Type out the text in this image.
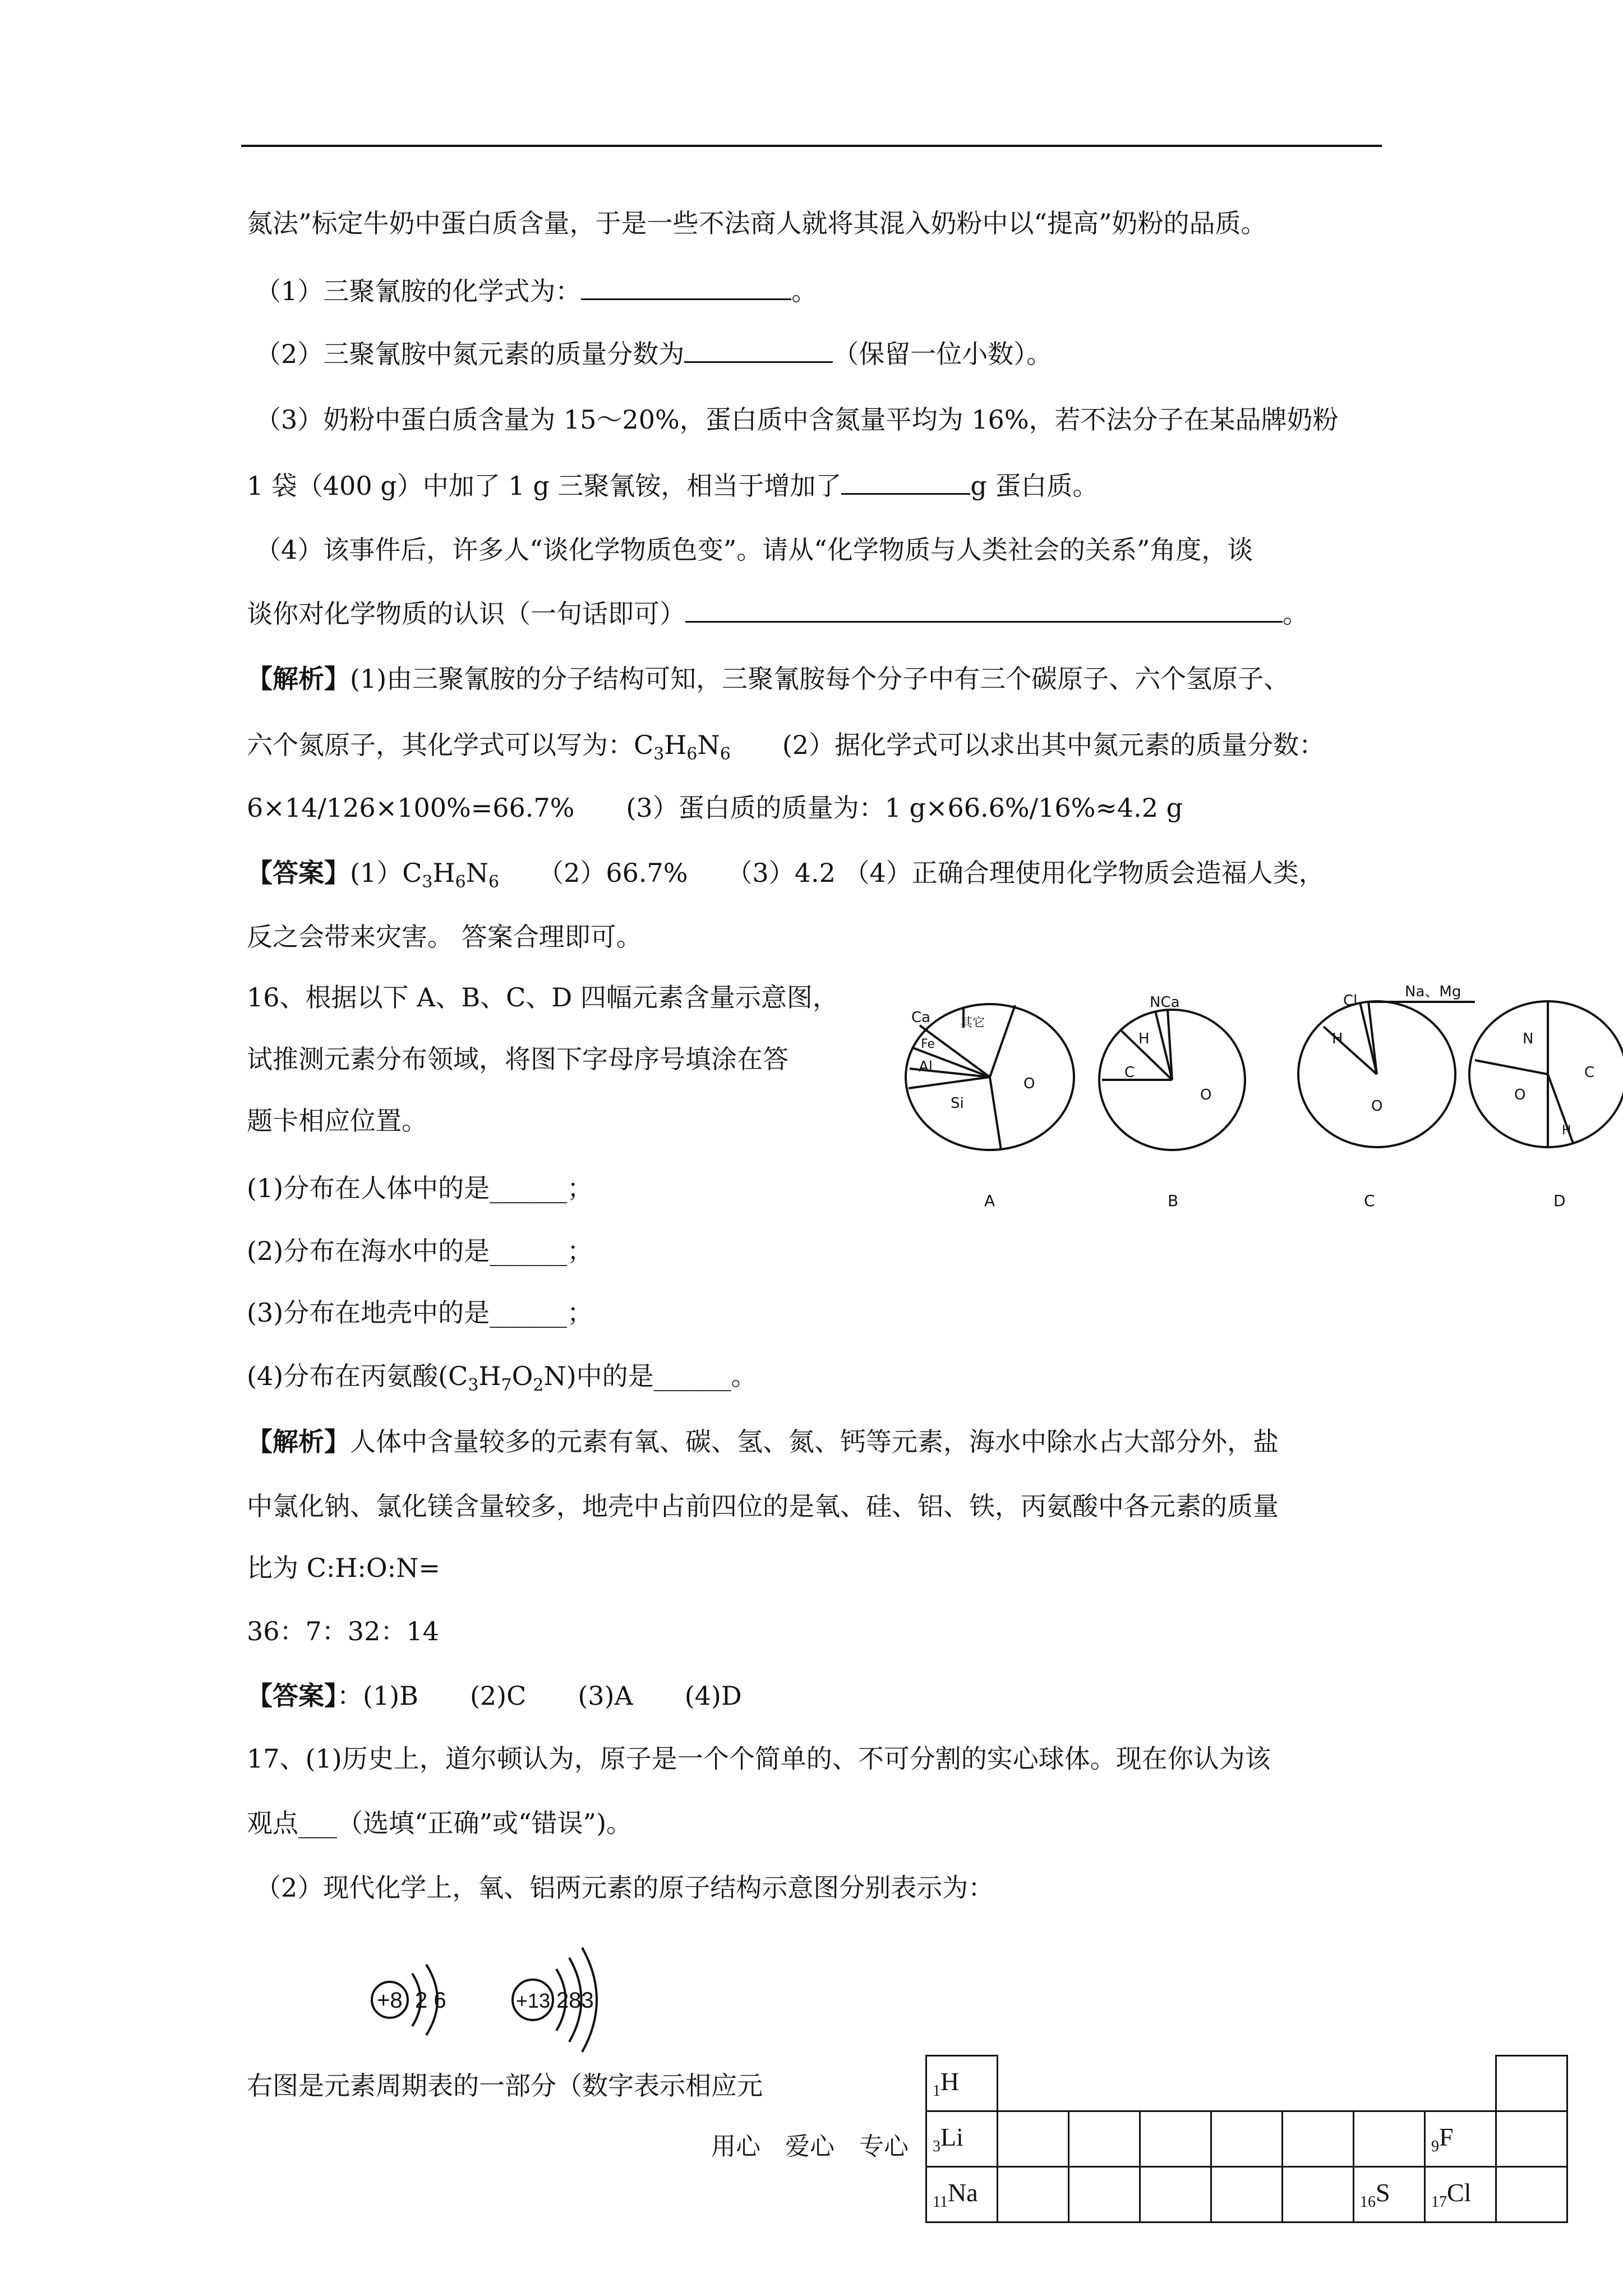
氮法”标定牛奶中蛋白质含量，于是一些不法商人就将其混入奶粉中以“提高”奶粉的品质。
（1）三聚氰胺的化学式为：	。
（2）三聚氰胺中氮元素的质量分数为	（保留一位小数）。
（3）奶粉中蛋白质含量为 15～20%，蛋白质中含氮量平均为 16%，若不法分子在某品牌奶粉
1 袋（400 g）中加了 1 g 三聚氰铵，相当于增加了	g 蛋白质。
（4）该事件后，许多人“谈化学物质色变”。请从“化学物质与人类社会的关系”角度，谈
谈你对化学物质的认识（一句话即可）	。
【解析】(1)由三聚氰胺的分子结构可知，三聚氰胺每个分子中有三个碳原子、六个氢原子、
六个氮原子，其化学式可以写为：$C_3H_6N_6$　　 (2）据化学式可以求出其中氮元素的质量分数：
6×14/126×100%=66.7%　　(3）蛋白质的质量为：1 g×66.6%/16%≈4.2 g
【答案】$(1)C_3H_6N_6$　　 （2）66.7%　　（3）4.2 （4）正确合理使用化学物质会造福人类，
反之会带来灾害。 答案合理即可。
16、根据以下 A、B、C、D 四幅元素含量示意图，
试推测元素分布领域，将图下字母序号填涂在答
题卡相应位置。
Ca 其它
Fe
Al
Si
O
A
NCa
H
C
O
B
Cl
Na、Mg
H
O
C
N
C
O
H
D
(1)分布在人体中的是______；
(2)分布在海水中的是______；
(3)分布在地壳中的是______；
(4)分布在丙氨酸$(C_3H_7O_2N)$中的是______。
【解析】人体中含量较多的元素有氧、碳、氢、氮、钙等元素，海水中除水占大部分外，盐
中氯化钠、氯化镁含量较多，地壳中占前四位的是氧、硅、铝、铁，丙氨酸中各元素的质量
比为 C:H:O:N=
36：7：32：14
【答案】：(1)B　　(2)C　　(3)A　　(4)D
17、(1)历史上，道尔顿认为，原子是一个个简单的、不可分割的实心球体。现在你认为该
观点___（选填“正确”或“错误”)。
（2）现代化学上，氧、铝两元素的原子结构示意图分别表示为：
+8 2 6	+13 283
右图是元素周期表的一部分（数字表示相应元
用心　爱心　专心
$_1$H								
$_3$Li							$_9$F	
$_{11}$Na						$_{16}$S	$_{17}$Cl	
